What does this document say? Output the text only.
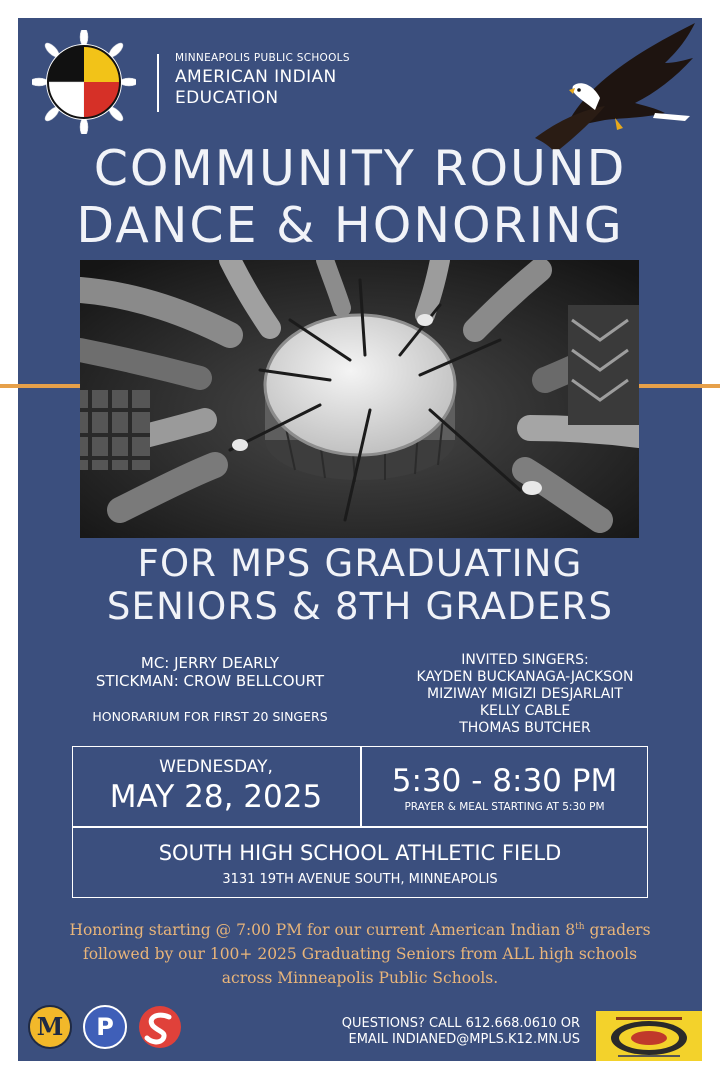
MINNEAPOLIS PUBLIC SCHOOLS
AMERICAN INDIAN
EDUCATION
COMMUNITY ROUND
DANCE & HONORING
FOR MPS GRADUATING
SENIORS & 8TH GRADERS
MC: JERRY DEARLY
STICKMAN: CROW BELLCOURT
HONORARIUM FOR FIRST 20 SINGERS
INVITED SINGERS:
KAYDEN BUCKANAGA-JACKSON
MIZIWAY MIGIZI DESJARLAIT
KELLY CABLE
THOMAS BUTCHER
WEDNESDAY,
MAY 28, 2025	5:30 - 8:30 PM
PRAYER & MEAL STARTING AT 5:30 PM
SOUTH HIGH SCHOOL ATHLETIC FIELD
3131 19TH AVENUE SOUTH, MINNEAPOLIS
Honoring starting @ 7:00 PM for our current American Indian 8th graders
followed by our 100+ 2025 Graduating Seniors from ALL high schools
across Minneapolis Public Schools.
M P	QUESTIONS? CALL 612.668.0610 OR
EMAIL INDIANED@MPLS.K12.MN.US
